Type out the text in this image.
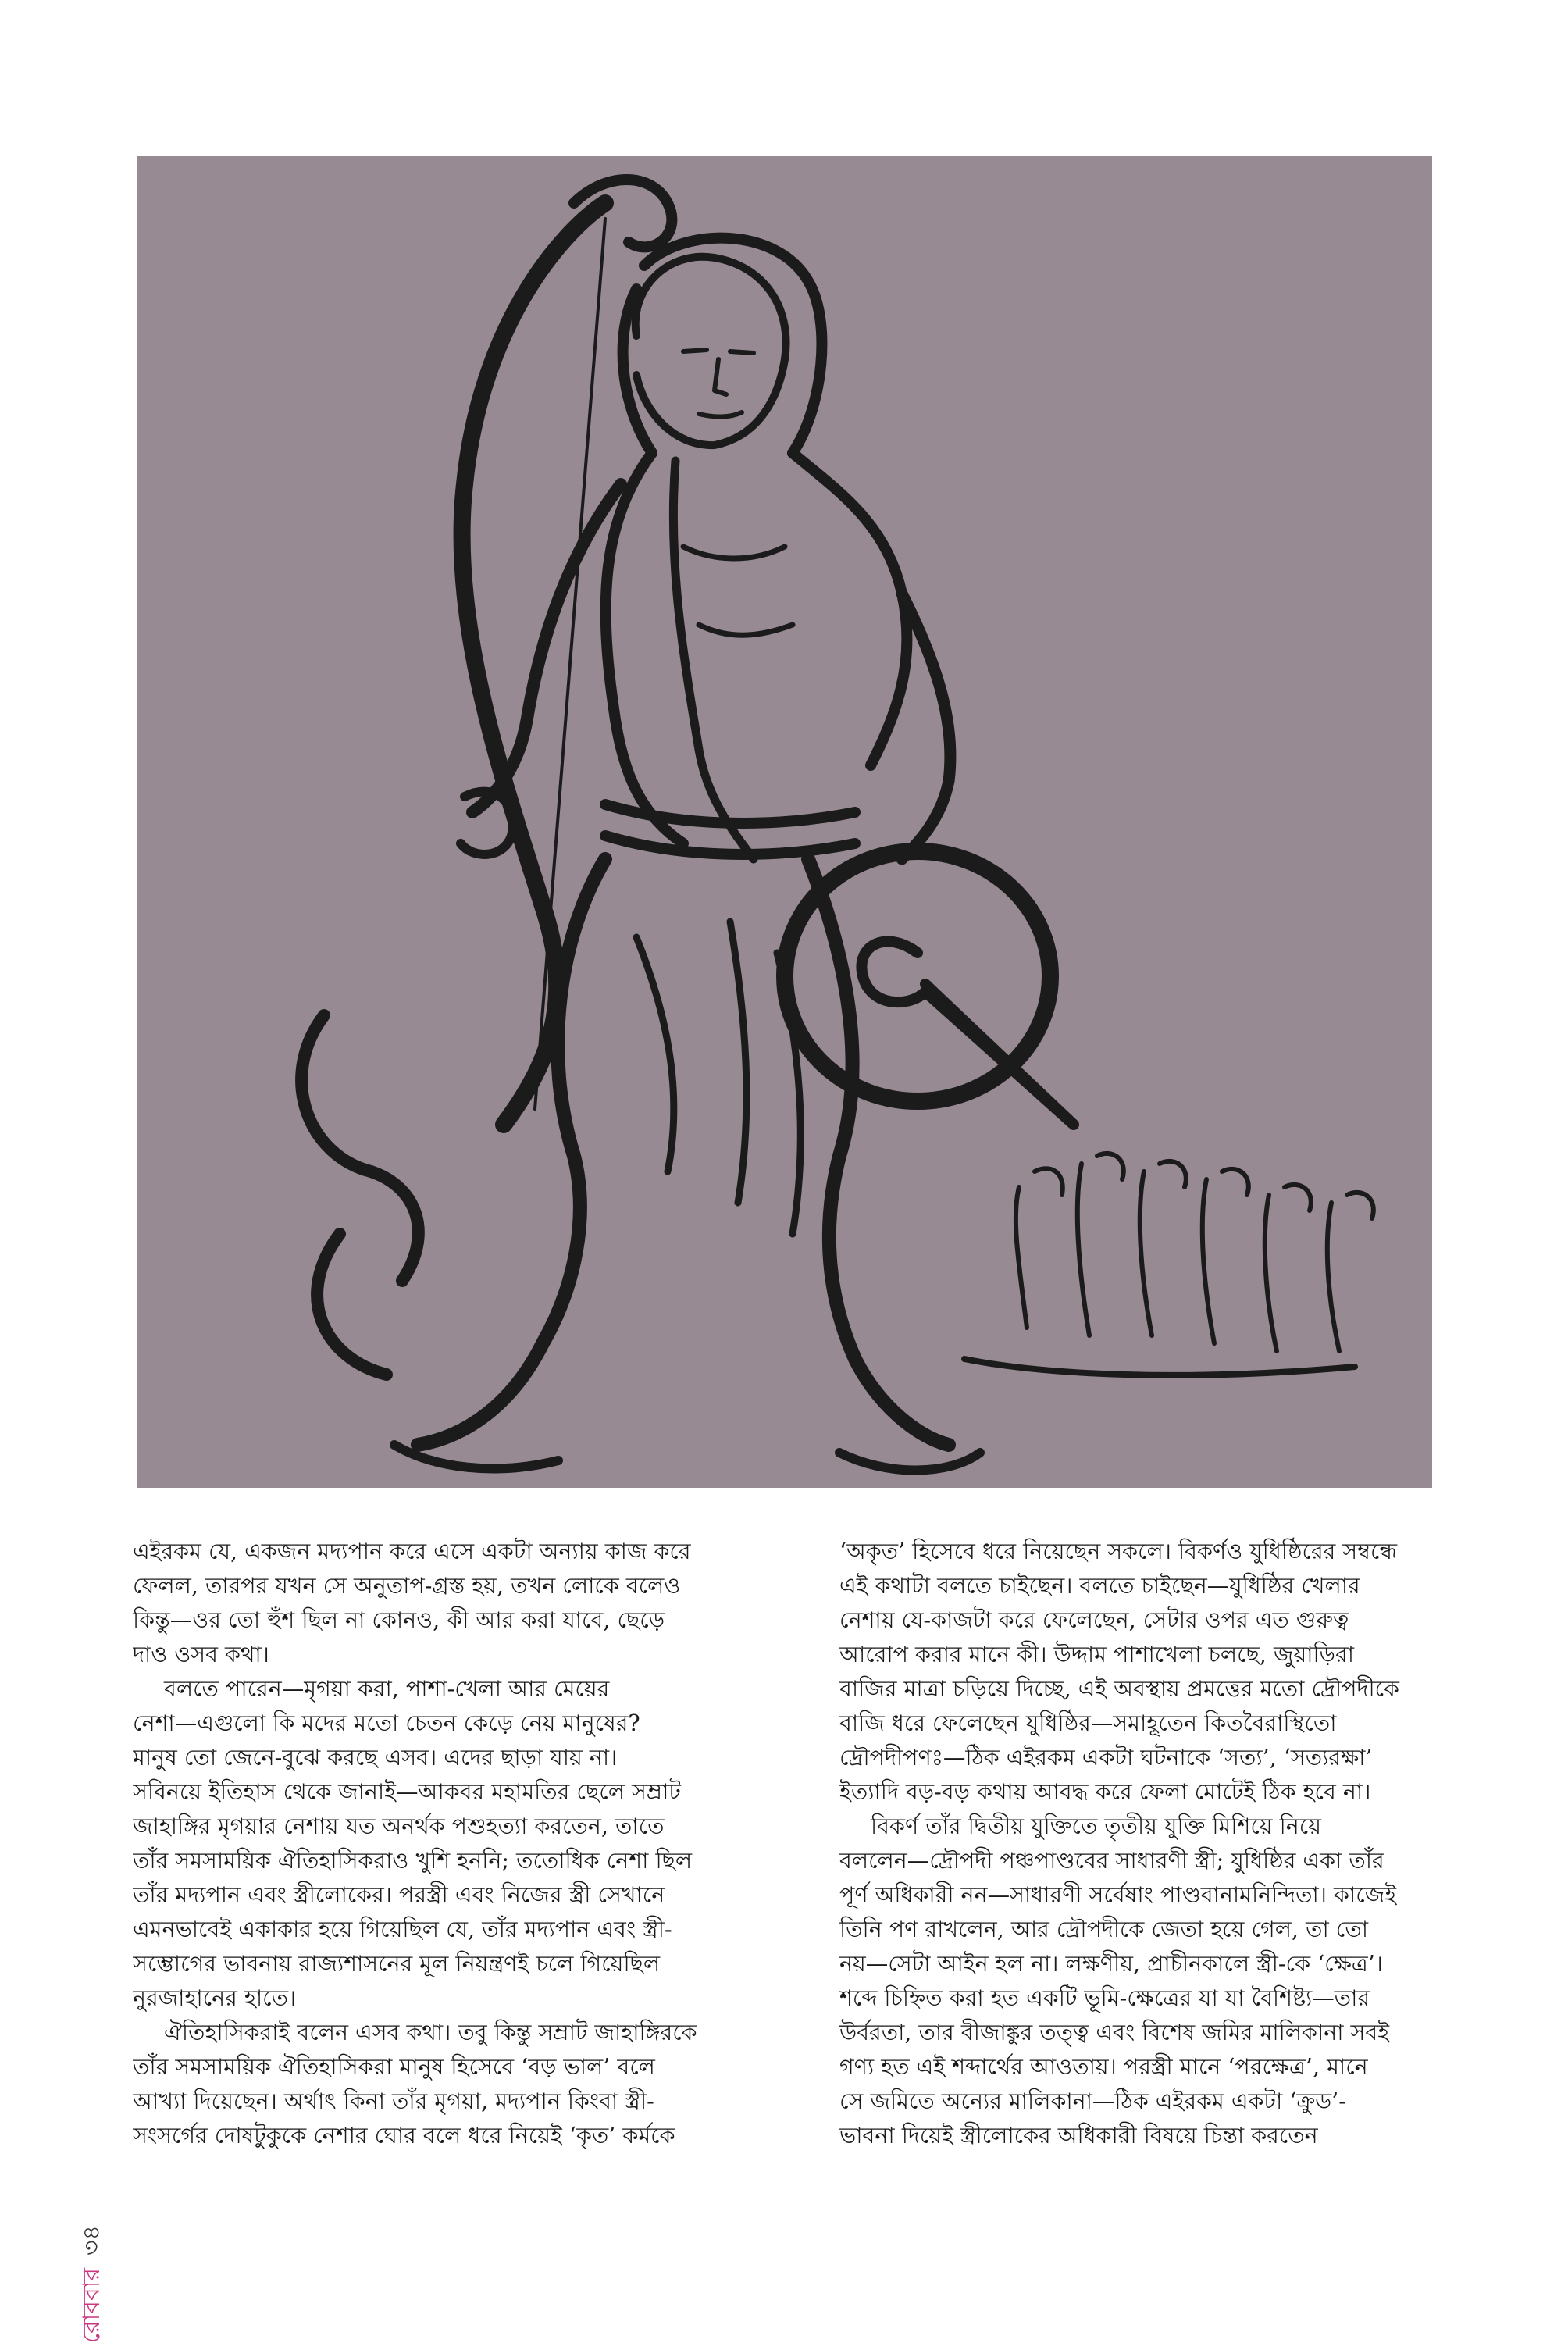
এইরকম যে, একজন মদ্যপান করে এসে একটা অন্যায় কাজ করে

ফেলল, তারপর যখন সে অনুতাপ-গ্রস্ত হয়, তখন লোকে বলেও

কিন্তু—ওর তো হুঁশ ছিল না কোনও, কী আর করা যাবে, ছেড়ে

দাও ওসব কথা।

বলতে পারেন—মৃগয়া করা, পাশা-খেলা আর মেয়ের

নেশা—এগুলো কি মদের মতো চেতন কেড়ে নেয় মানুষের?

মানুষ তো জেনে-বুঝে করছে এসব। এদের ছাড়া যায় না।

সবিনয়ে ইতিহাস থেকে জানাই—আকবর মহামতির ছেলে সম্রাট

জাহাঙ্গির মৃগয়ার নেশায় যত অনর্থক পশুহত্যা করতেন, তাতে

তাঁর সমসাময়িক ঐতিহাসিকরাও খুশি হননি; ততোধিক নেশা ছিল

তাঁর মদ্যপান এবং স্ত্রীলোকের। পরস্ত্রী এবং নিজের স্ত্রী সেখানে

এমনভাবেই একাকার হয়ে গিয়েছিল যে, তাঁর মদ্যপান এবং স্ত্রী-

সম্ভোগের ভাবনায় রাজ্যশাসনের মূল নিয়ন্ত্রণই চলে গিয়েছিল

নুরজাহানের হাতে।

ঐতিহাসিকরাই বলেন এসব কথা। তবু কিন্তু সম্রাট জাহাঙ্গিরকে

তাঁর সমসাময়িক ঐতিহাসিকরা মানুষ হিসেবে ‘বড় ভাল’ বলে

আখ্যা দিয়েছেন। অর্থাৎ কিনা তাঁর মৃগয়া, মদ্যপান কিংবা স্ত্রী-

সংসর্গের দোষটুকুকে নেশার ঘোর বলে ধরে নিয়েই ‘কৃত’ কর্মকে

‘অকৃত’ হিসেবে ধরে নিয়েছেন সকলে। বিকর্ণও যুধিষ্ঠিরের সম্বন্ধে

এই কথাটা বলতে চাইছেন। বলতে চাইছেন—যুধিষ্ঠির খেলার

নেশায় যে-কাজটা করে ফেলেছেন, সেটার ওপর এত গুরুত্ব

আরোপ করার মানে কী। উদ্দাম পাশাখেলা চলছে, জুয়াড়িরা

বাজির মাত্রা চড়িয়ে দিচ্ছে, এই অবস্থায় প্রমত্তের মতো দ্রৌপদীকে

বাজি ধরে ফেলেছেন যুধিষ্ঠির—সমাহূতেন কিতবৈরাস্থিতো

দ্রৌপদীপণঃ—ঠিক এইরকম একটা ঘটনাকে ‘সত্য’, ‘সত্যরক্ষা’

ইত্যাদি বড়-বড় কথায় আবদ্ধ করে ফেলা মোটেই ঠিক হবে না।

বিকর্ণ তাঁর দ্বিতীয় যুক্তিতে তৃতীয় যুক্তি মিশিয়ে নিয়ে

বললেন—দ্রৌপদী পঞ্চপাণ্ডবের সাধারণী স্ত্রী; যুধিষ্ঠির একা তাঁর

পূর্ণ অধিকারী নন—সাধারণী সর্বেষাং পাণ্ডবানামনিন্দিতা। কাজেই

তিনি পণ রাখলেন, আর দ্রৌপদীকে জেতা হয়ে গেল, তা তো

নয়—সেটা আইন হল না। লক্ষণীয়, প্রাচীনকালে স্ত্রী-কে ‘ক্ষেত্র’।

শব্দে চিহ্নিত করা হত একটি ভূমি-ক্ষেত্রের যা যা বৈশিষ্ট্য—তার

উর্বরতা, তার বীজাঙ্কুর তত্ত্ব এবং বিশেষ জমির মালিকানা সবই

গণ্য হত এই শব্দার্থের আওতায়। পরস্ত্রী মানে ‘পরক্ষেত্র’, মানে

সে জমিতে অন্যের মালিকানা—ঠিক এইরকম একটা ‘ক্রুড’-

ভাবনা দিয়েই স্ত্রীলোকের অধিকারী বিষয়ে চিন্তা করতেন

রোববার৩৪
